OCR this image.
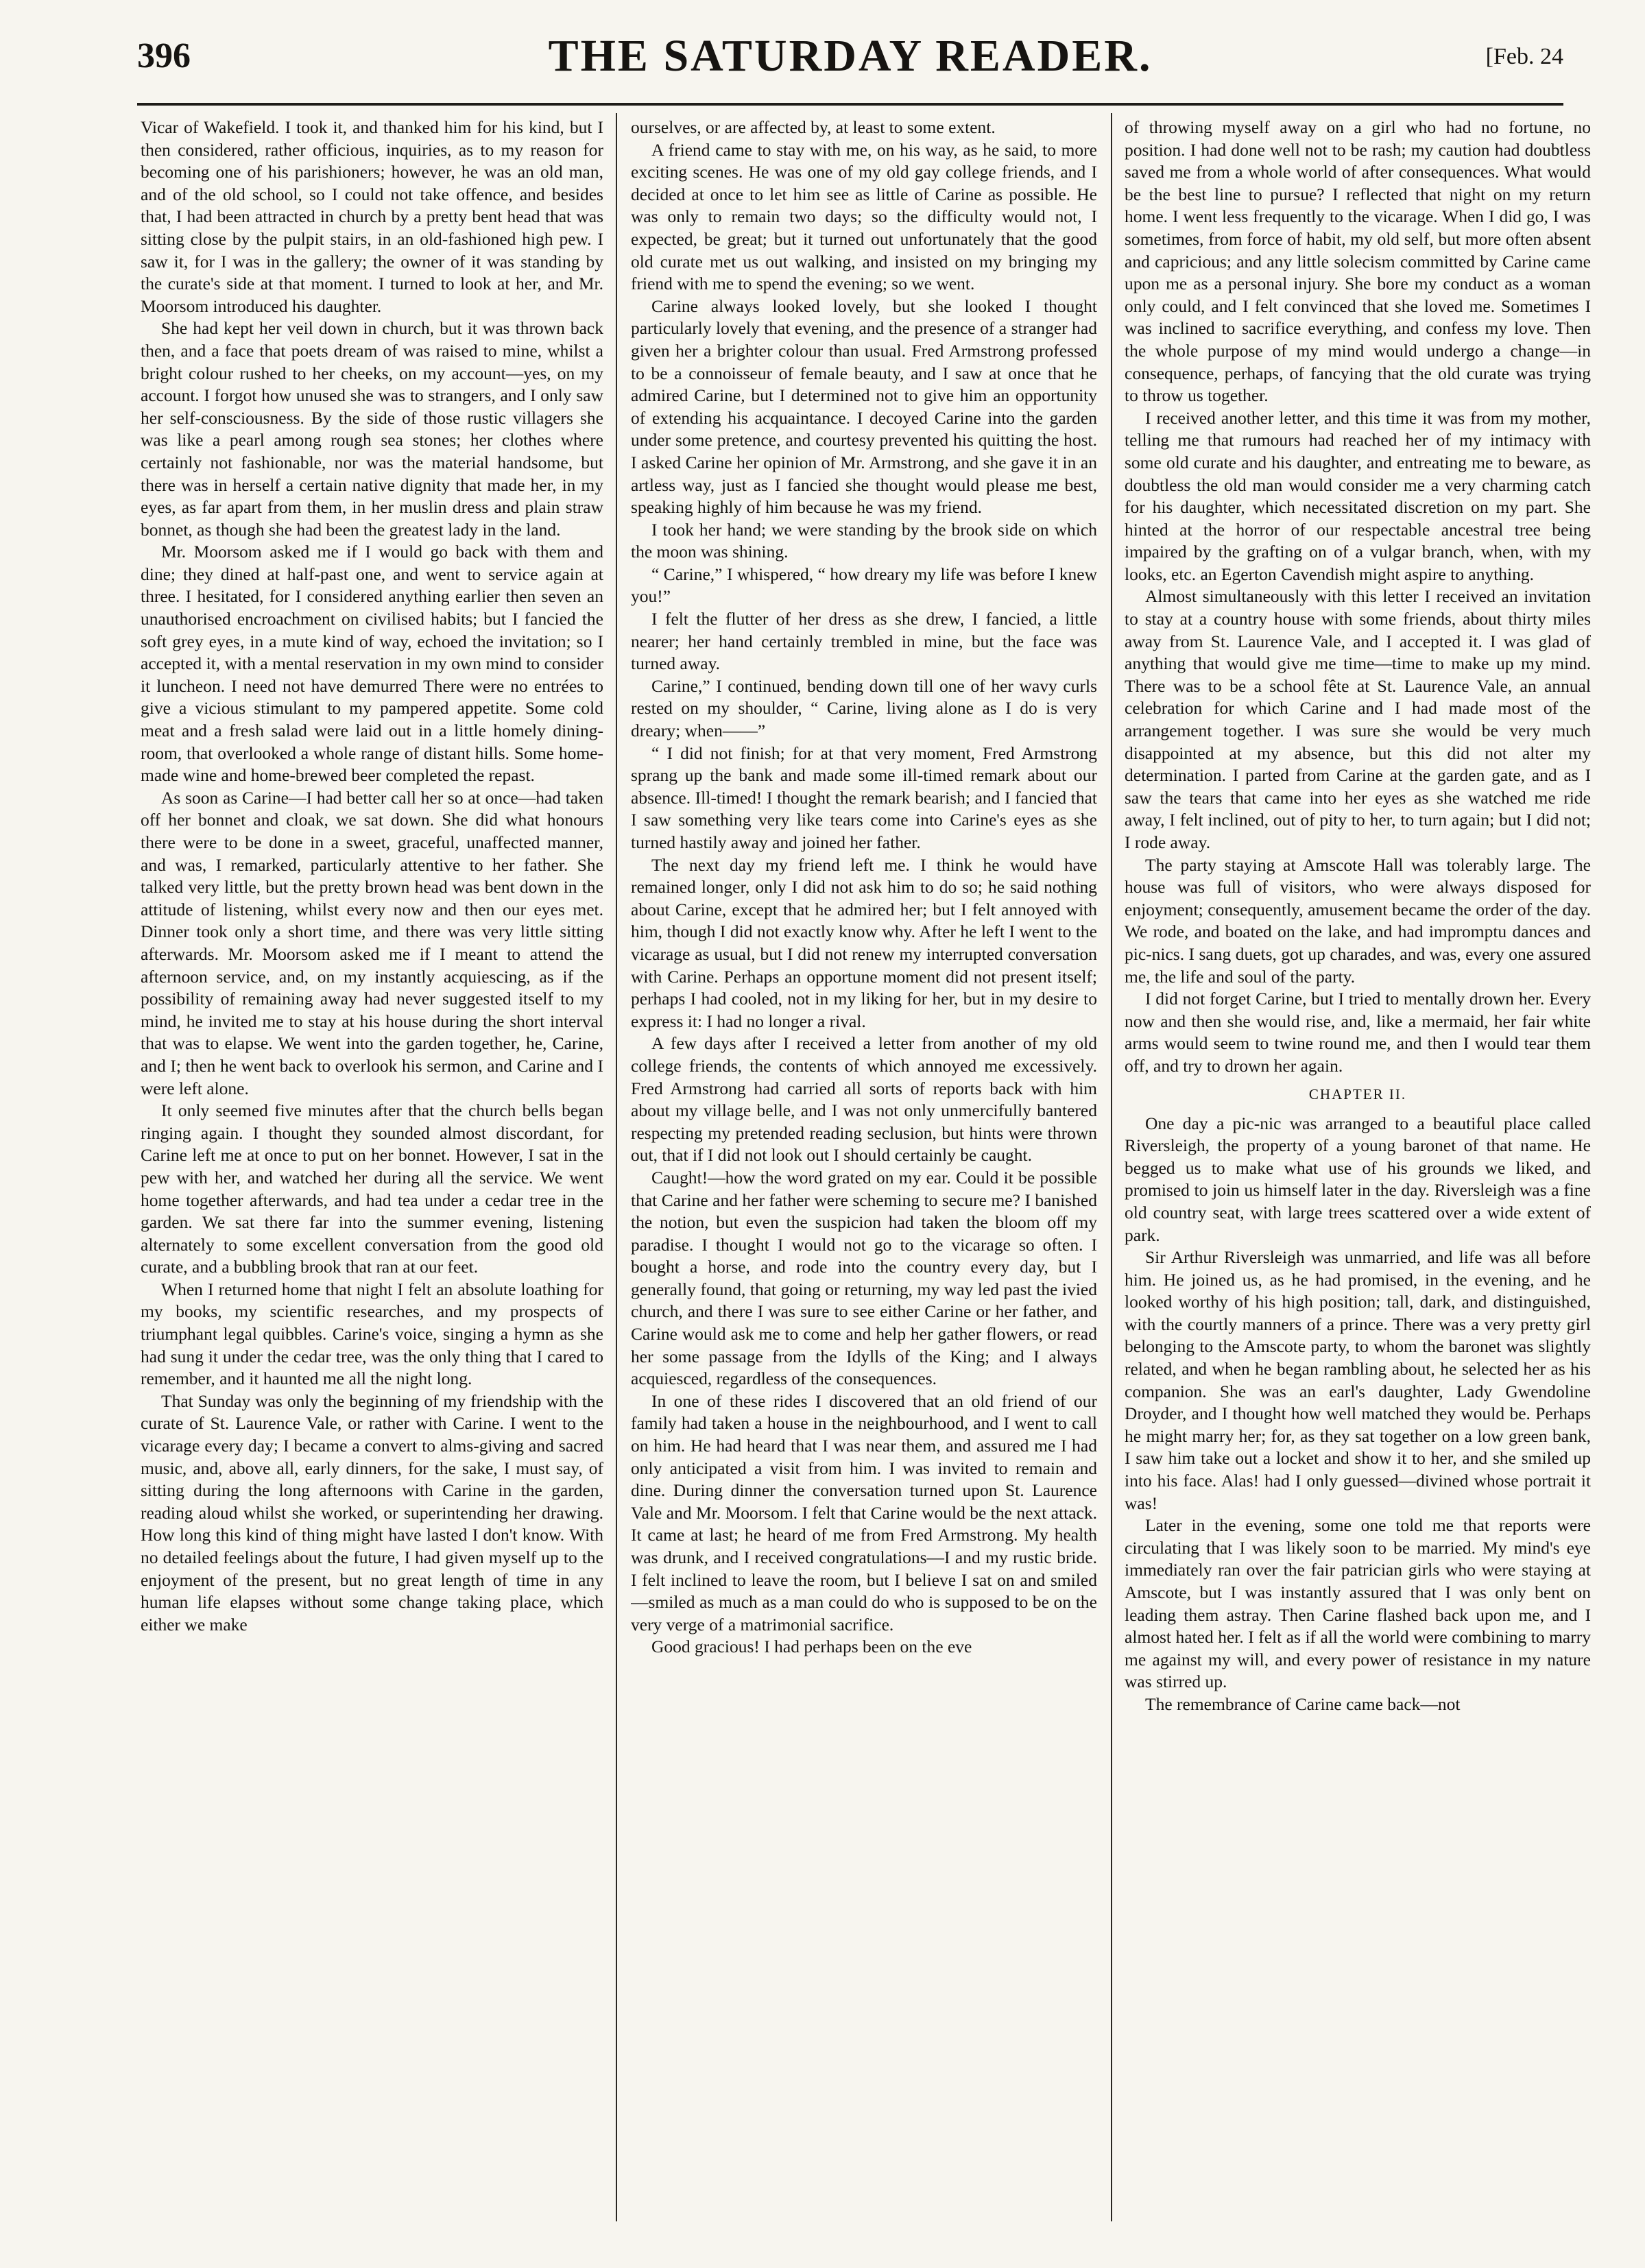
396	THE SATURDAY READER.	[Feb. 24

Vicar of Wakefield. I took it, and thanked him for his kind, but I then considered, rather officious, inquiries, as to my reason for becoming one of his parishioners; however, he was an old man, and of the old school, so I could not take offence, and besides that, I had been attracted in church by a pretty bent head that was sitting close by the pulpit stairs, in an old-fashioned high pew. I saw it, for I was in the gallery; the owner of it was standing by the curate's side at that moment. I turned to look at her, and Mr. Moorsom introduced his daughter.

She had kept her veil down in church, but it was thrown back then, and a face that poets dream of was raised to mine, whilst a bright colour rushed to her cheeks, on my account—yes, on my account. I forgot how unused she was to strangers, and I only saw her self-consciousness. By the side of those rustic villagers she was like a pearl among rough sea stones; her clothes where certainly not fashionable, nor was the material handsome, but there was in herself a certain native dignity that made her, in my eyes, as far apart from them, in her muslin dress and plain straw bonnet, as though she had been the greatest lady in the land.

Mr. Moorsom asked me if I would go back with them and dine; they dined at half-past one, and went to service again at three. I hesitated, for I considered anything earlier then seven an unauthorised encroachment on civilised habits; but I fancied the soft grey eyes, in a mute kind of way, echoed the invitation; so I accepted it, with a mental reservation in my own mind to consider it luncheon. I need not have demurred There were no entrées to give a vicious stimulant to my pampered appetite. Some cold meat and a fresh salad were laid out in a little homely dining-room, that overlooked a whole range of distant hills. Some home-made wine and home-brewed beer completed the repast.

As soon as Carine—I had better call her so at once—had taken off her bonnet and cloak, we sat down. She did what honours there were to be done in a sweet, graceful, unaffected manner, and was, I remarked, particularly attentive to her father. She talked very little, but the pretty brown head was bent down in the attitude of listening, whilst every now and then our eyes met. Dinner took only a short time, and there was very little sitting afterwards. Mr. Moorsom asked me if I meant to attend the afternoon service, and, on my instantly acquiescing, as if the possibility of remaining away had never suggested itself to my mind, he invited me to stay at his house during the short interval that was to elapse. We went into the garden together, he, Carine, and I; then he went back to overlook his sermon, and Carine and I were left alone.

It only seemed five minutes after that the church bells began ringing again. I thought they sounded almost discordant, for Carine left me at once to put on her bonnet. However, I sat in the pew with her, and watched her during all the service. We went home together afterwards, and had tea under a cedar tree in the garden. We sat there far into the summer evening, listening alternately to some excellent conversation from the good old curate, and a bubbling brook that ran at our feet.

When I returned home that night I felt an absolute loathing for my books, my scientific researches, and my prospects of triumphant legal quibbles. Carine's voice, singing a hymn as she had sung it under the cedar tree, was the only thing that I cared to remember, and it haunted me all the night long.

That Sunday was only the beginning of my friendship with the curate of St. Laurence Vale, or rather with Carine. I went to the vicarage every day; I became a convert to alms-giving and sacred music, and, above all, early dinners, for the sake, I must say, of sitting during the long afternoons with Carine in the garden, reading aloud whilst she worked, or superintending her drawing. How long this kind of thing might have lasted I don't know. With no detailed feelings about the future, I had given myself up to the enjoyment of the present, but no great length of time in any human life elapses without some change taking place, which either we make

ourselves, or are affected by, at least to some extent.

A friend came to stay with me, on his way, as he said, to more exciting scenes. He was one of my old gay college friends, and I decided at once to let him see as little of Carine as possible. He was only to remain two days; so the difficulty would not, I expected, be great; but it turned out unfortunately that the good old curate met us out walking, and insisted on my bringing my friend with me to spend the evening; so we went.

Carine always looked lovely, but she looked I thought particularly lovely that evening, and the presence of a stranger had given her a brighter colour than usual. Fred Armstrong professed to be a connoisseur of female beauty, and I saw at once that he admired Carine, but I determined not to give him an opportunity of extending his acquaintance. I decoyed Carine into the garden under some pretence, and courtesy prevented his quitting the host. I asked Carine her opinion of Mr. Armstrong, and she gave it in an artless way, just as I fancied she thought would please me best, speaking highly of him because he was my friend.

I took her hand; we were standing by the brook side on which the moon was shining.

“ Carine,” I whispered, “ how dreary my life was before I knew you!”

I felt the flutter of her dress as she drew, I fancied, a little nearer; her hand certainly trembled in mine, but the face was turned away.

Carine,” I continued, bending down till one of her wavy curls rested on my shoulder, “ Carine, living alone as I do is very dreary; when——”

“ I did not finish; for at that very moment, Fred Armstrong sprang up the bank and made some ill-timed remark about our absence. Ill-timed! I thought the remark bearish; and I fancied that I saw something very like tears come into Carine's eyes as she turned hastily away and joined her father.

The next day my friend left me. I think he would have remained longer, only I did not ask him to do so; he said nothing about Carine, except that he admired her; but I felt annoyed with him, though I did not exactly know why. After he left I went to the vicarage as usual, but I did not renew my interrupted conversation with Carine. Perhaps an opportune moment did not present itself; perhaps I had cooled, not in my liking for her, but in my desire to express it: I had no longer a rival.

A few days after I received a letter from another of my old college friends, the contents of which annoyed me excessively. Fred Armstrong had carried all sorts of reports back with him about my village belle, and I was not only unmercifully bantered respecting my pretended reading seclusion, but hints were thrown out, that if I did not look out I should certainly be caught.

Caught!—how the word grated on my ear. Could it be possible that Carine and her father were scheming to secure me? I banished the notion, but even the suspicion had taken the bloom off my paradise. I thought I would not go to the vicarage so often. I bought a horse, and rode into the country every day, but I generally found, that going or returning, my way led past the ivied church, and there I was sure to see either Carine or her father, and Carine would ask me to come and help her gather flowers, or read her some passage from the Idylls of the King; and I always acquiesced, regardless of the consequences.

In one of these rides I discovered that an old friend of our family had taken a house in the neighbourhood, and I went to call on him. He had heard that I was near them, and assured me I had only anticipated a visit from him. I was invited to remain and dine. During dinner the conversation turned upon St. Laurence Vale and Mr. Moorsom. I felt that Carine would be the next attack. It came at last; he heard of me from Fred Armstrong. My health was drunk, and I received congratulations—I and my rustic bride. I felt inclined to leave the room, but I believe I sat on and smiled—smiled as much as a man could do who is supposed to be on the very verge of a matrimonial sacrifice.

Good gracious! I had perhaps been on the eve

of throwing myself away on a girl who had no fortune, no position. I had done well not to be rash; my caution had doubtless saved me from a whole world of after consequences. What would be the best line to pursue? I reflected that night on my return home. I went less frequently to the vicarage. When I did go, I was sometimes, from force of habit, my old self, but more often absent and capricious; and any little solecism committed by Carine came upon me as a personal injury. She bore my conduct as a woman only could, and I felt convinced that she loved me. Sometimes I was inclined to sacrifice everything, and confess my love. Then the whole purpose of my mind would undergo a change—in consequence, perhaps, of fancying that the old curate was trying to throw us together.

I received another letter, and this time it was from my mother, telling me that rumours had reached her of my intimacy with some old curate and his daughter, and entreating me to beware, as doubtless the old man would consider me a very charming catch for his daughter, which necessitated discretion on my part. She hinted at the horror of our respectable ancestral tree being impaired by the grafting on of a vulgar branch, when, with my looks, etc. an Egerton Cavendish might aspire to anything.

Almost simultaneously with this letter I received an invitation to stay at a country house with some friends, about thirty miles away from St. Laurence Vale, and I accepted it. I was glad of anything that would give me time—time to make up my mind. There was to be a school fête at St. Laurence Vale, an annual celebration for which Carine and I had made most of the arrangement together. I was sure she would be very much disappointed at my absence, but this did not alter my determination. I parted from Carine at the garden gate, and as I saw the tears that came into her eyes as she watched me ride away, I felt inclined, out of pity to her, to turn again; but I did not; I rode away.

The party staying at Amscote Hall was tolerably large. The house was full of visitors, who were always disposed for enjoyment; consequently, amusement became the order of the day. We rode, and boated on the lake, and had impromptu dances and pic-nics. I sang duets, got up charades, and was, every one assured me, the life and soul of the party.

I did not forget Carine, but I tried to mentally drown her. Every now and then she would rise, and, like a mermaid, her fair white arms would seem to twine round me, and then I would tear them off, and try to drown her again.

CHAPTER II.

One day a pic-nic was arranged to a beautiful place called Riversleigh, the property of a young baronet of that name. He begged us to make what use of his grounds we liked, and promised to join us himself later in the day. Riversleigh was a fine old country seat, with large trees scattered over a wide extent of park.

Sir Arthur Riversleigh was unmarried, and life was all before him. He joined us, as he had promised, in the evening, and he looked worthy of his high position; tall, dark, and distinguished, with the courtly manners of a prince. There was a very pretty girl belonging to the Amscote party, to whom the baronet was slightly related, and when he began rambling about, he selected her as his companion. She was an earl's daughter, Lady Gwendoline Droyder, and I thought how well matched they would be. Perhaps he might marry her; for, as they sat together on a low green bank, I saw him take out a locket and show it to her, and she smiled up into his face. Alas! had I only guessed—divined whose portrait it was!

Later in the evening, some one told me that reports were circulating that I was likely soon to be married. My mind's eye immediately ran over the fair patrician girls who were staying at Amscote, but I was instantly assured that I was only bent on leading them astray. Then Carine flashed back upon me, and I almost hated her. I felt as if all the world were combining to marry me against my will, and every power of resistance in my nature was stirred up.

The remembrance of Carine came back—not
